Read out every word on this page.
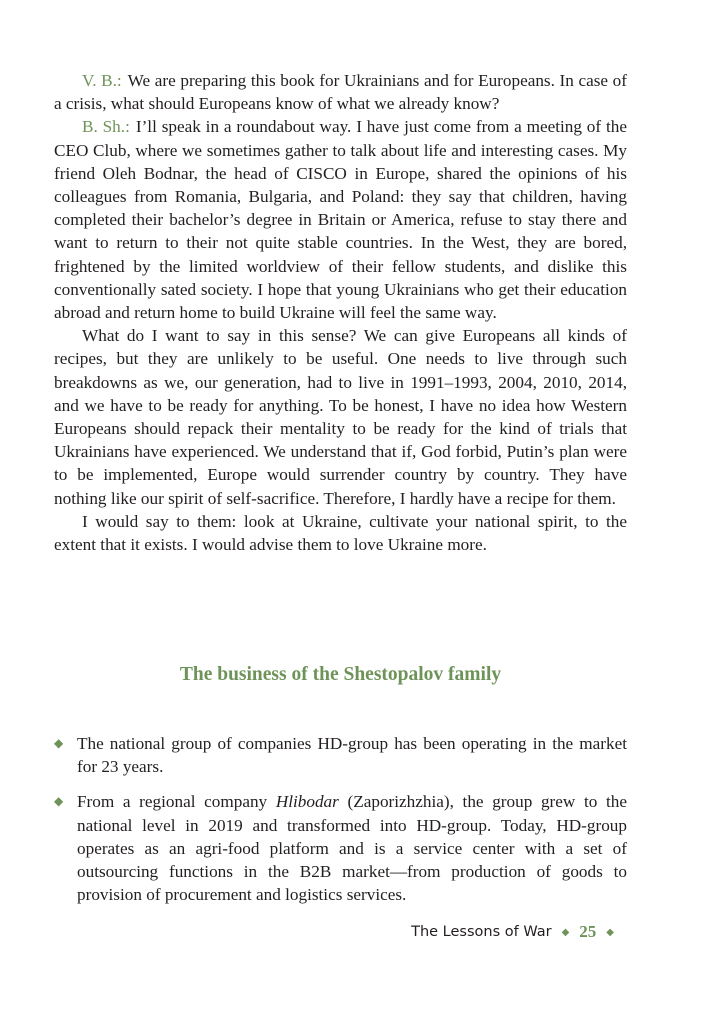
V. B.: We are preparing this book for Ukrainians and for Europeans. In case of a crisis, what should Europeans know of what we already know?

B. Sh.: I’ll speak in a roundabout way. I have just come from a meeting of the CEO Club, where we sometimes gather to talk about life and interesting cases. My friend Oleh Bodnar, the head of CISCO in Europe, shared the opinions of his colleagues from Romania, Bulgaria, and Poland: they say that children, having completed their bachelor’s degree in Britain or America, refuse to stay there and want to return to their not quite stable countries. In the West, they are bored, frightened by the limited worldview of their fellow students, and dislike this conventionally sated society. I hope that young Ukrainians who get their education abroad and return home to build Ukraine will feel the same way.

What do I want to say in this sense? We can give Europeans all kinds of recipes, but they are unlikely to be useful. One needs to live through such breakdowns as we, our generation, had to live in 1991–1993, 2004, 2010, 2014, and we have to be ready for anything. To be honest, I have no idea how Western Europeans should repack their mentality to be ready for the kind of trials that Ukrainians have experienced. We understand that if, God forbid, Putin’s plan were to be implemented, Europe would surrender country by country. They have nothing like our spirit of self-sacrifice. Therefore, I hardly have a recipe for them.

I would say to them: look at Ukraine, cultivate your national spirit, to the extent that it exists. I would advise them to love Ukraine more.

The business of the Shestopalov family
◆ The national group of companies HD-group has been operating in the market for 23 years.
◆ From a regional company Hlibodar (Zaporizhzhia), the group grew to the national level in 2019 and transformed into HD-group. Today, HD-group operates as an agri-food platform and is a service center with a set of outsourcing functions in the B2B market—from production of goods to provision of procurement and logistics services.
The Lessons of War ◆ 25 ◆
